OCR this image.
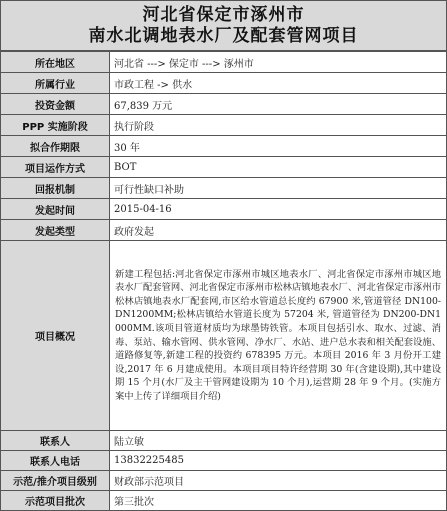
河北省保定市涿州市
南水北调地表水厂及配套管网项目
所在地区	河北省 ---> 保定市 ---> 涿州市
所属行业	市政工程 -> 供水
投资金额	67,839 万元
PPP 实施阶段	执行阶段
拟合作期限	30 年
项目运作方式	BOT
回报机制	可行性缺口补助
发起时间	2015-04-16
发起类型	政府发起
项目概况	新建工程包括:河北省保定市涿州市城区地表水厂、河北省保定市涿州市城区地表水厂配套管网、河北省保定市涿州市松林店镇地表水厂、河北省保定市涿州市松林店镇地表水厂配套网,市区给水管道总长度约 67900 米,管道管径 DN100-DN1200MM;松林店镇给水管道长度为 57204 米, 管道管径为 DN200-DN1000MM.该项目管道材质均为球墨铸铁管。本项目包括引水、取水、过滤、消毒、泵站、输水管网、供水管网、净水厂、水站、进户总水表和相关配套设施、道路修复等,新建工程的投资约 678395 万元。本项目 2016 年 3 月份开工建设,2017 年 6 月建成使用。本项目项目特许经营期 30 年(含建设期),其中建设期 15 个月(水厂及主干管网建设期为 10 个月),运营期 28 年 9 个月。(实施方案中上传了详细项目介绍)
联系人	陆立敏
联系人电话	13832225485
示范/推介项目级别	财政部示范项目
示范项目批次	第三批次
